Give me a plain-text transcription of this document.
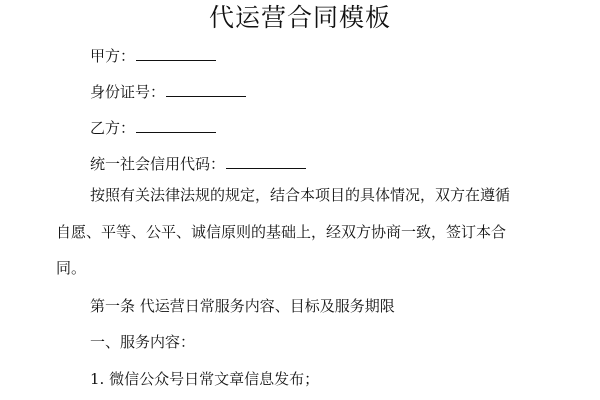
代运营合同模板
甲方：
身份证号：
乙方：
统一社会信用代码：
按照有关法律法规的规定，结合本项目的具体情况，双方在遵循
自愿、平等、公平、诚信原则的基础上，经双方协商一致，签订本合
同。
第一条 代运营日常服务内容、目标及服务期限
一、服务内容：
1. 微信公众号日常文章信息发布；
